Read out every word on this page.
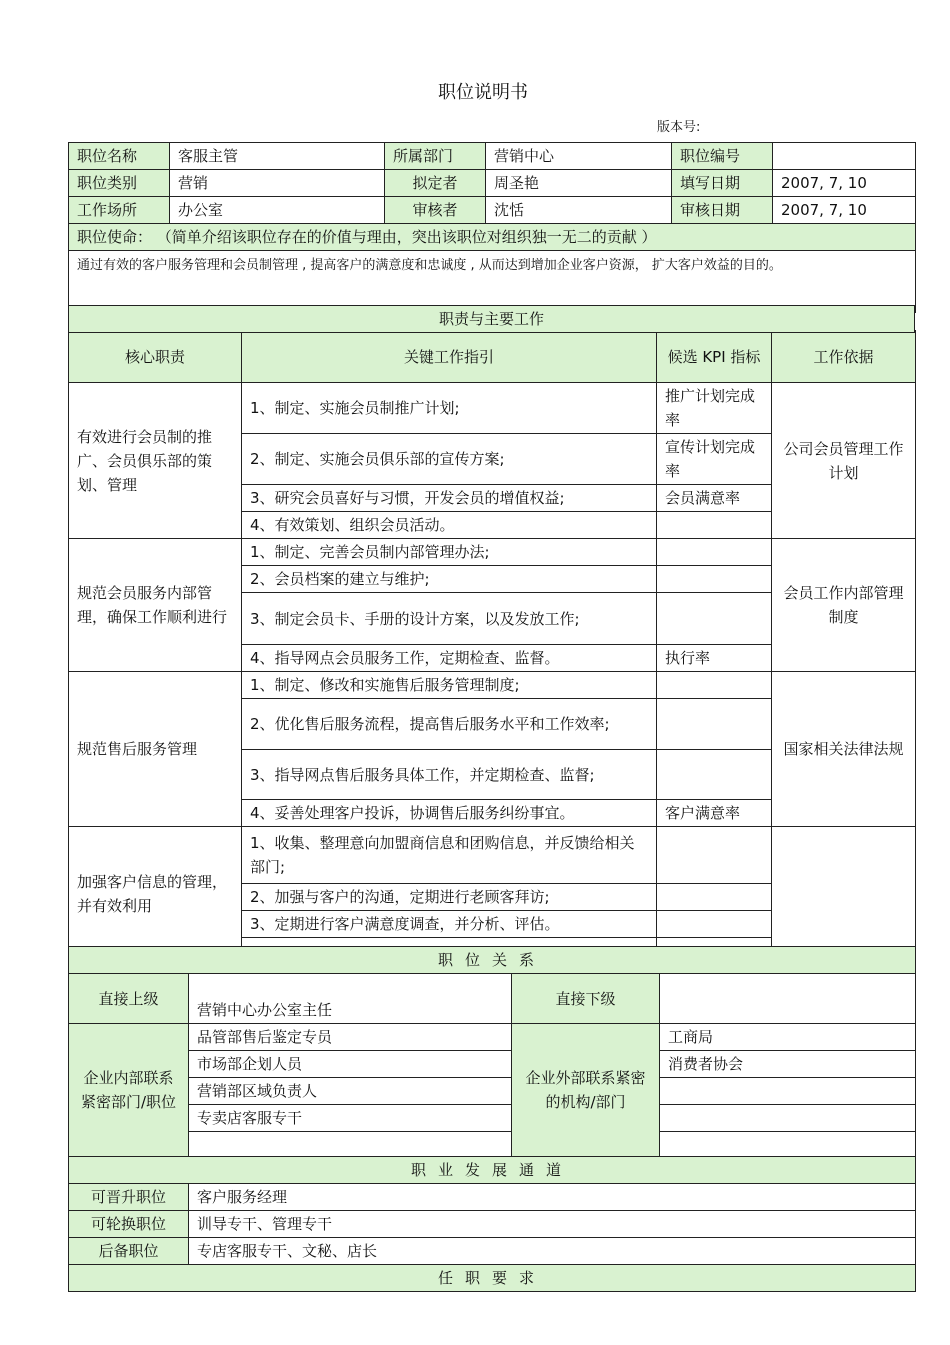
职位说明书
版本号:
职位名称	客服主管	所属部门	营销中心	职位编号	
职位类别	营销	拟定者	周圣艳	填写日期	2007, 7, 10
工作场所	办公室	审核者	沈恬	审核日期	2007, 7, 10
职位使命： （简单介绍该职位存在的价值与理由，突出该职位对组织独一无二的贡献 ）					
通过有效的客户服务管理和会员制管理 , 提高客户的满意度和忠诚度 , 从而达到增加企业客户资源， 扩大客户效益的目的。					
核心职责	关键工作指引	候选 KPI 指标	工作依据
有效进行会员制的推广、会员俱乐部的策划、管理	1、制定、实施会员制推广计划;	推广计划完成率	公司会员管理工作计划
	2、制定、实施会员俱乐部的宣传方案;	宣传计划完成率	
	3、研究会员喜好与习惯，开发会员的增值权益;	会员满意率	
	4、有效策划、组织会员活动。		
规范会员服务内部管理，确保工作顺利进行	1、制定、完善会员制内部管理办法;		会员工作内部管理制度
	2、会员档案的建立与维护;		
	3、制定会员卡、手册的设计方案，以及发放工作;		
	4、指导网点会员服务工作，定期检查、监督。	执行率	
规范售后服务管理	1、制定、修改和实施售后服务管理制度;		国家相关法律法规
	2、优化售后服务流程，提高售后服务水平和工作效率;		
	3、指导网点售后服务具体工作，并定期检查、监督;		
	4、妥善处理客户投诉，协调售后服务纠纷事宜。	客户满意率	
加强客户信息的管理，并有效利用	1、收集、整理意向加盟商信息和团购信息，并反馈给相关部门;		
	2、加强与客户的沟通，定期进行老顾客拜访;		
	3、定期进行客户满意度调查，并分析、评估。		

职责与主要工作
职位关系			
直接上级	营销中心办公室主任	直接下级	
企业内部联系紧密部门/职位	品管部售后鉴定专员	企业外部联系紧密的机构/部门	工商局
	市场部企划人员		消费者协会
	营销部区域负责人		
	专卖店客服专干		

职业发展通道			
可晋升职位	客户服务经理		
可轮换职位	训导专干、管理专干		
后备职位	专店客服专干、文秘、店长		
任职要求			
